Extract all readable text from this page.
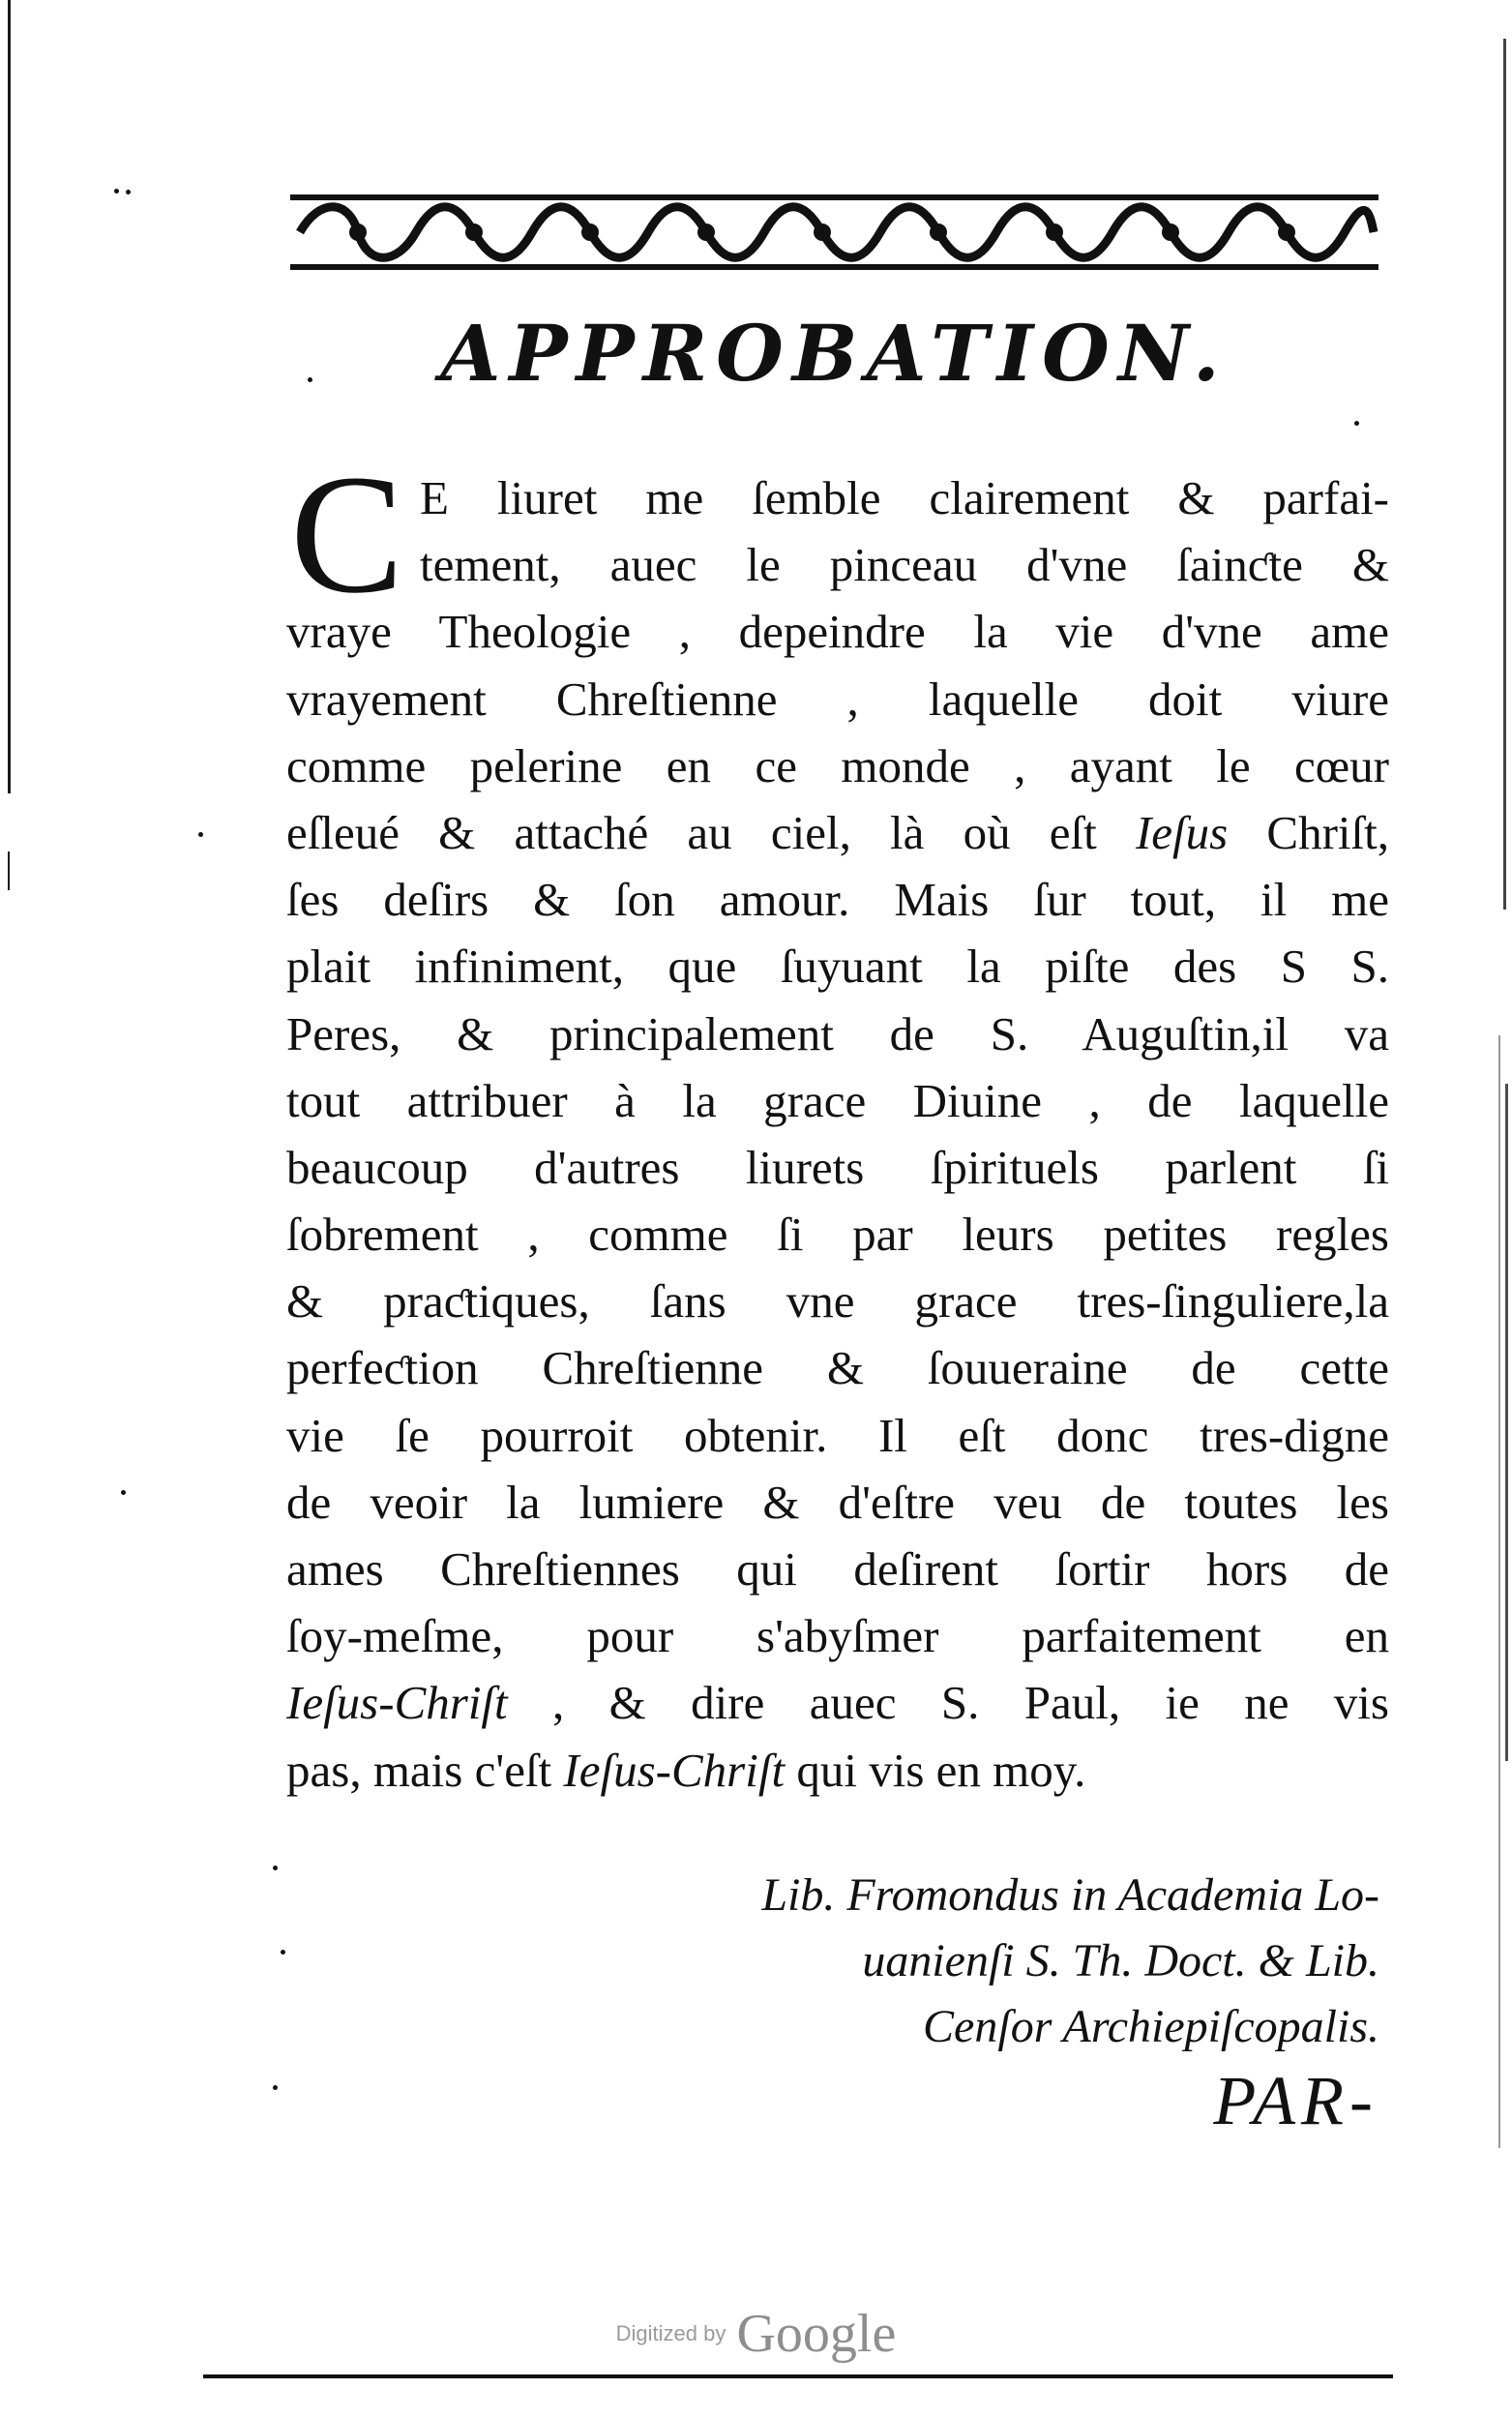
APPROBATION.
C E liuret me ſemble clairement & parfai-
tement, auec le pinceau d'vne ſainƈte &
vraye Theologie , depeindre la vie d'vne ame
vrayement Chreſtienne , laquelle doit viure
comme pelerine en ce monde , ayant le cœur
eſleué & attaché au ciel, là où eſt Ieſus Chriſt,
ſes deſirs & ſon amour. Mais ſur tout, il me
plait infiniment, que ſuyuant la piſte des S S.
Peres, & principalement de S. Auguſtin,il va
tout attribuer à la grace Diuine , de laquelle
beaucoup d'autres liurets ſpirituels parlent ſi
ſobrement , comme ſi par leurs petites regles
& praƈtiques, ſans vne grace tres-ſinguliere,la
perfeƈtion Chreſtienne & ſouueraine de cette
vie ſe pourroit obtenir. Il eſt donc tres-digne
de veoir la lumiere & d'eſtre veu de toutes les
ames Chreſtiennes qui deſirent ſortir hors de
ſoy-meſme, pour s'abyſmer parfaitement en
Ieſus-Chriſt , & dire auec S. Paul, ie ne vis
pas, mais c'eſt Ieſus-Chriſt qui vis en moy.
Lib. Fromondus in Academia Lo-
uanienſi S. Th. Doct. & Lib.
Cenſor Archiepiſcopalis.
PAR-
Digitized by Google
